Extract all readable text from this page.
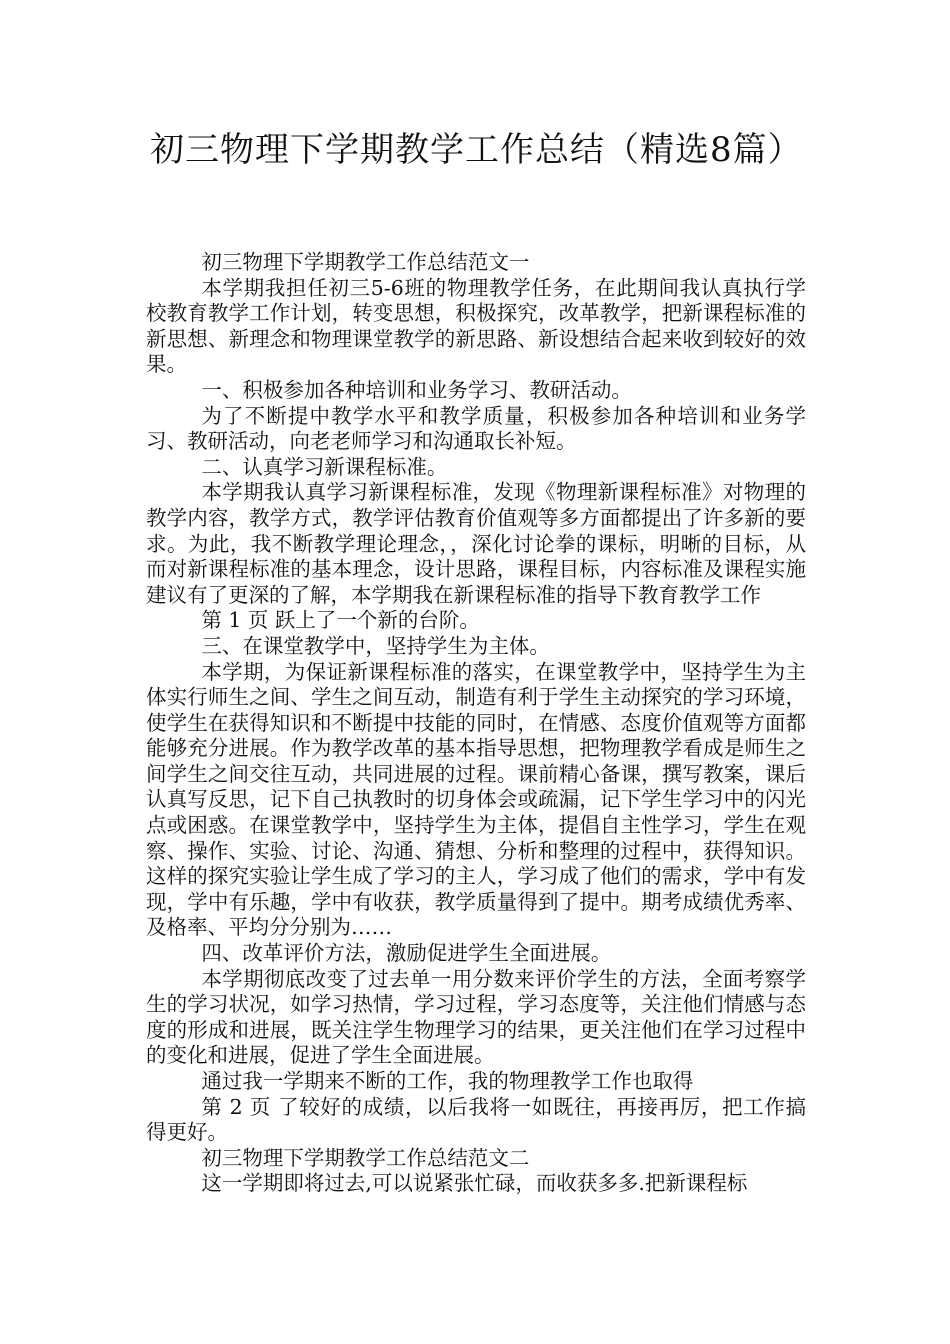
初三物理下学期教学工作总结（精选8篇）

初三物理下学期教学工作总结范文一

本学期我担任初三5-6班的物理教学任务，在此期间我认真执行学校教育教学工作计划，转变思想，积极探究，改革教学，把新课程标准的新思想、新理念和物理课堂教学的新思路、新设想结合起来收到较好的效果。

一、积极参加各种培训和业务学习、教研活动。

为了不断提中教学水平和教学质量，积极参加各种培训和业务学习、教研活动，向老老师学习和沟通取长补短。

二、认真学习新课程标准。

本学期我认真学习新课程标准，发现《物理新课程标准》对物理的教学内容，教学方式，教学评估教育价值观等多方面都提出了许多新的要求。为此，我不断教学理论理念，，深化讨论拳的课标，明晰的目标，从而对新课程标准的基本理念，设计思路，课程目标，内容标准及课程实施建议有了更深的了解，本学期我在新课程标准的指导下教育教学工作

第 1 页 跃上了一个新的台阶。

三、在课堂教学中，坚持学生为主体。

本学期，为保证新课程标准的落实，在课堂教学中，坚持学生为主体实行师生之间、学生之间互动，制造有利于学生主动探究的学习环境，使学生在获得知识和不断提中技能的同时，在情感、态度价值观等方面都能够充分进展。作为教学改革的基本指导思想，把物理教学看成是师生之间学生之间交往互动，共同进展的过程。课前精心备课，撰写教案，课后认真写反思，记下自己执教时的切身体会或疏漏，记下学生学习中的闪光点或困惑。在课堂教学中，坚持学生为主体，提倡自主性学习，学生在观察、操作、实验、讨论、沟通、猜想、分析和整理的过程中，获得知识。这样的探究实验让学生成了学习的主人，学习成了他们的需求，学中有发现，学中有乐趣，学中有收获，教学质量得到了提中。期考成绩优秀率、及格率、平均分分别为……

四、改革评价方法，激励促进学生全面进展。

本学期彻底改变了过去单一用分数来评价学生的方法，全面考察学生的学习状况，如学习热情，学习过程，学习态度等，关注他们情感与态度的形成和进展，既关注学生物理学习的结果，更关注他们在学习过程中的变化和进展，促进了学生全面进展。

通过我一学期来不断的工作，我的物理教学工作也取得

第 2 页 了较好的成绩，以后我将一如既往，再接再厉，把工作搞得更好。

初三物理下学期教学工作总结范文二

这一学期即将过去,可以说紧张忙碌，而收获多多.把新课程标
